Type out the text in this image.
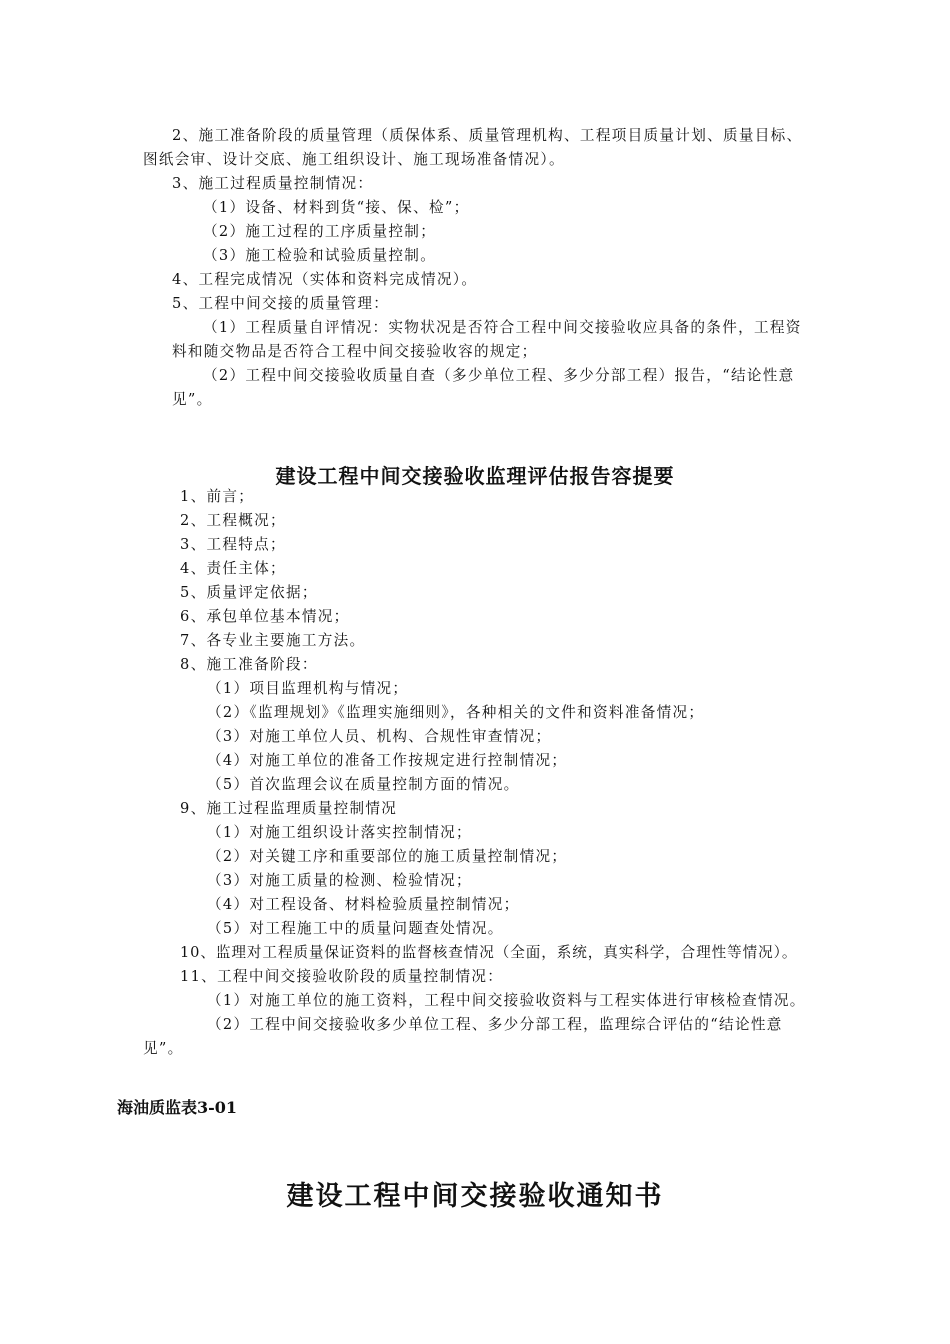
2、施工准备阶段的质量管理（质保体系、质量管理机构、工程项目质量计划、质量目标、
图纸会审、设计交底、施工组织设计、施工现场准备情况）。
3、施工过程质量控制情况：
（1）设备、材料到货“接、保、检”；
（2）施工过程的工序质量控制；
（3）施工检验和试验质量控制。
4、工程完成情况（实体和资料完成情况）。
5、工程中间交接的质量管理：
（1）工程质量自评情况：实物状况是否符合工程中间交接验收应具备的条件，工程资
料和随交物品是否符合工程中间交接验收容的规定；
（2）工程中间交接验收质量自查（多少单位工程、多少分部工程）报告，“结论性意
见”。
建设工程中间交接验收监理评估报告容提要
1、前言；
2、工程概况；
3、工程特点；
4、责任主体；
5、质量评定依据；
6、承包单位基本情况；
7、各专业主要施工方法。
8、施工准备阶段：
（1）项目监理机构与情况；
（2）《监理规划》《监理实施细则》，各种相关的文件和资料准备情况；
（3）对施工单位人员、机构、合规性审查情况；
（4）对施工单位的准备工作按规定进行控制情况；
（5）首次监理会议在质量控制方面的情况。
9、施工过程监理质量控制情况
（1）对施工组织设计落实控制情况；
（2）对关键工序和重要部位的施工质量控制情况；
（3）对施工质量的检测、检验情况；
（4）对工程设备、材料检验质量控制情况；
（5）对工程施工中的质量问题查处情况。
10、监理对工程质量保证资料的监督核查情况（全面，系统，真实科学，合理性等情况）。
11、工程中间交接验收阶段的质量控制情况：
（1）对施工单位的施工资料，工程中间交接验收资料与工程实体进行审核检查情况。
（2）工程中间交接验收多少单位工程、多少分部工程，监理综合评估的“结论性意
见”。
海油质监表3-01
建设工程中间交接验收通知书
